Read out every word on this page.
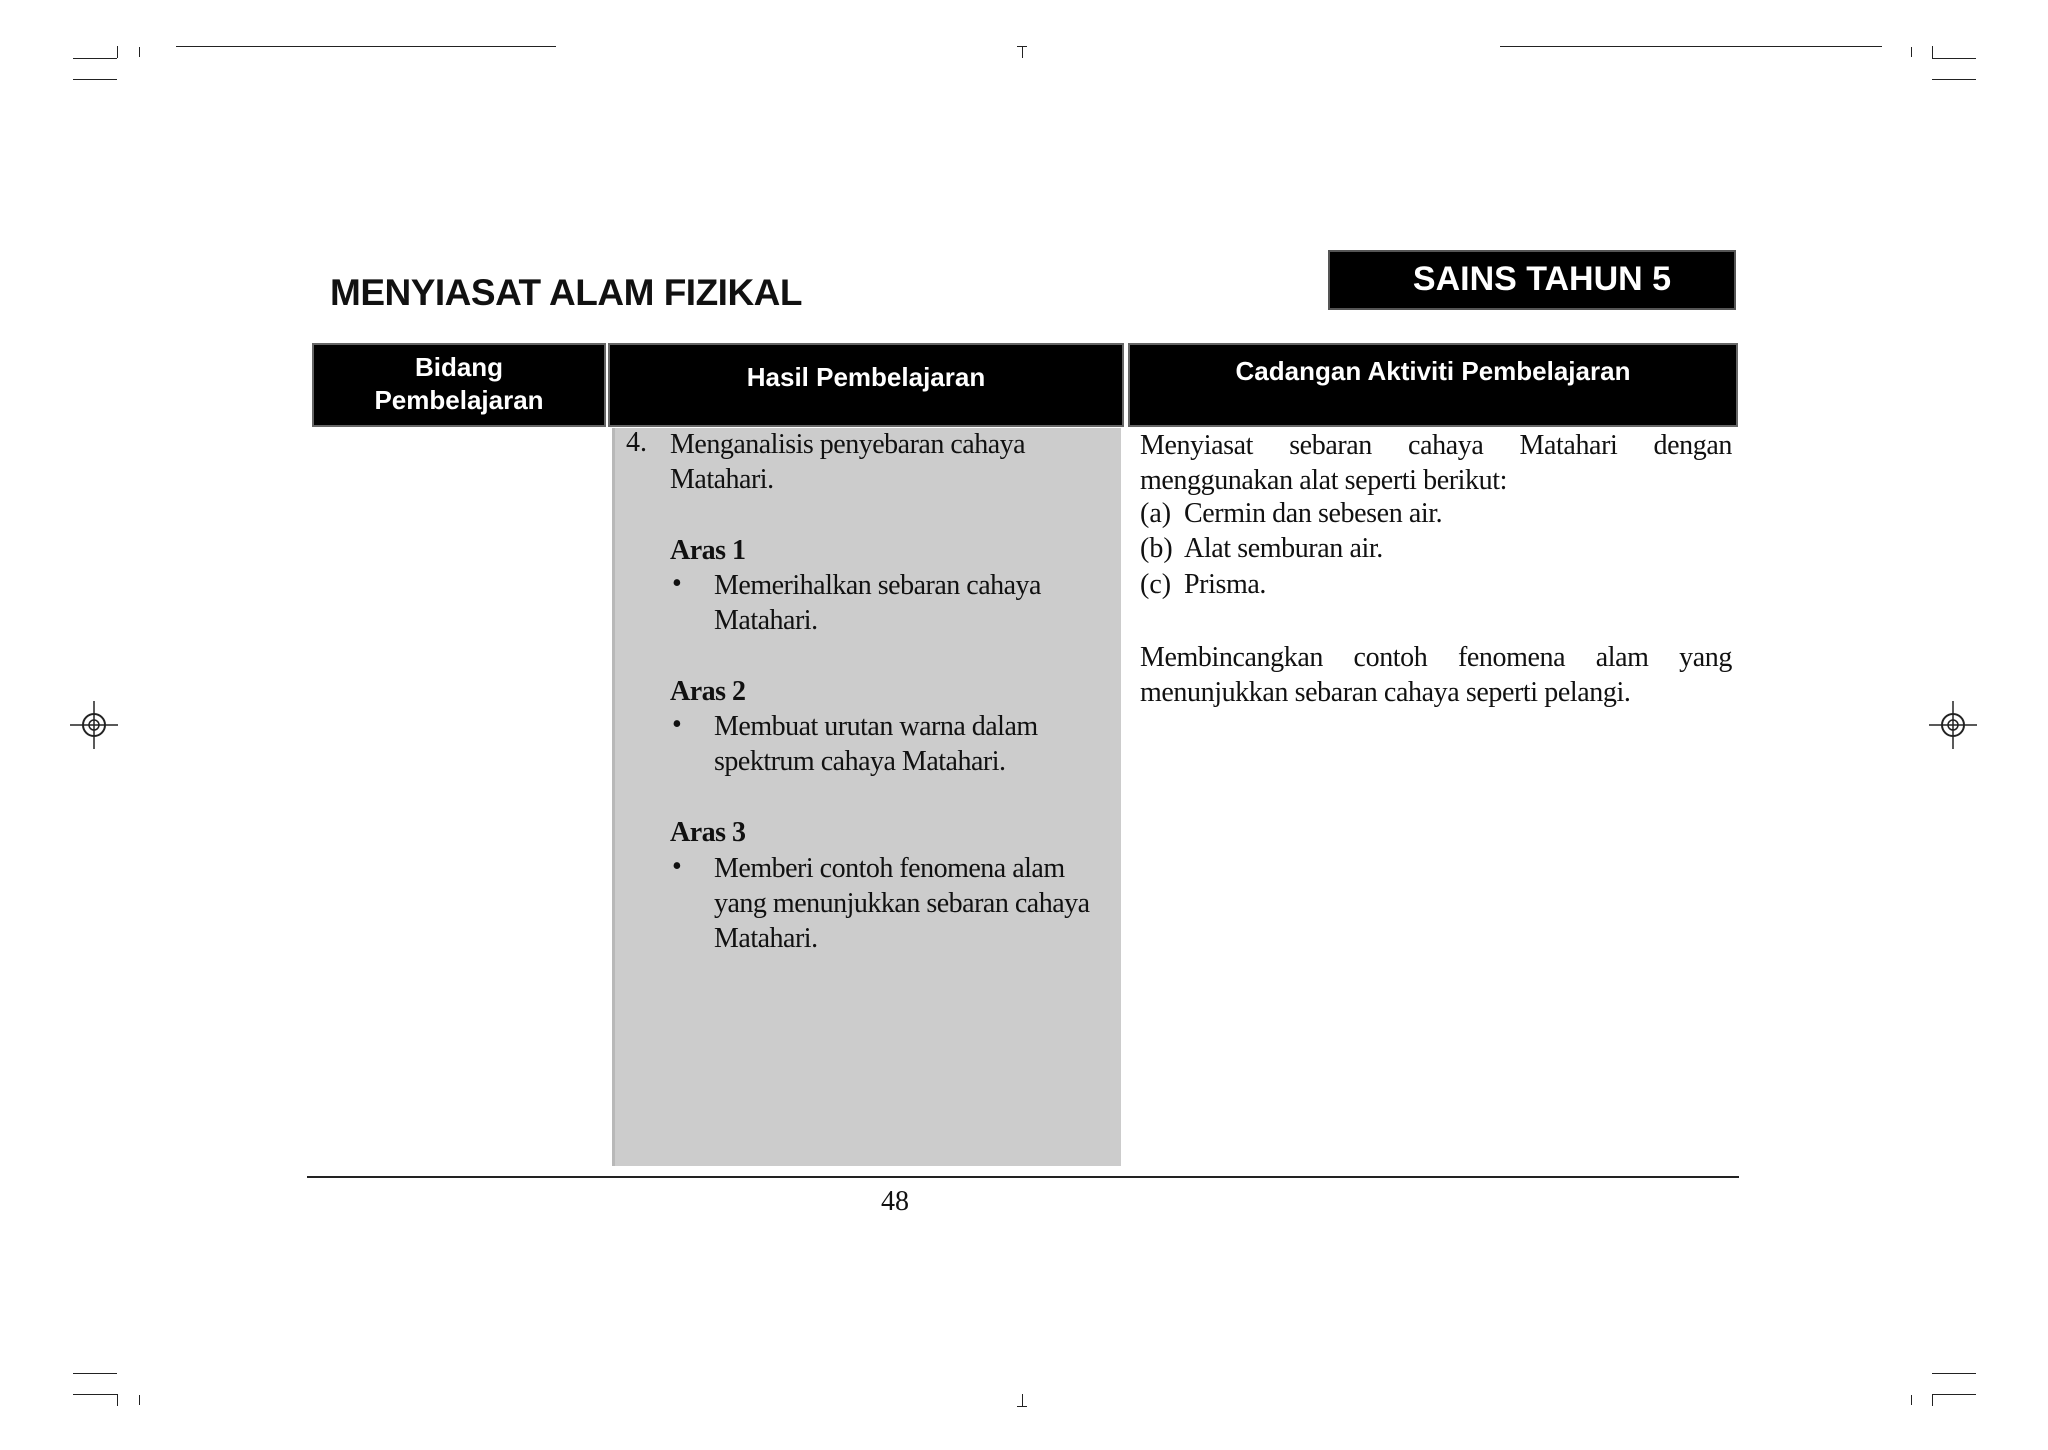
MENYIASAT ALAM FIZIKAL	SAINS TAHUN 5
Bidang
Pembelajaran
Hasil Pembelajaran	Cadangan Aktiviti Pembelajaran
4. Menganalisis penyebaran cahaya
Matahari.
Aras 1
• Memerihalkan sebaran cahaya
Matahari.
Aras 2
• Membuat urutan warna dalam
spektrum cahaya Matahari.
Aras 3
• Memberi contoh fenomena alam
yang menunjukkan sebaran cahaya
Matahari.
Menyiasat sebaran cahaya Matahari dengan menggunakan alat seperti berikut:
(a) Cermin dan sebesen air.
(b) Alat semburan air.
(c) Prisma.
Membincangkan contoh fenomena alam yang menunjukkan sebaran cahaya seperti pelangi.
48
